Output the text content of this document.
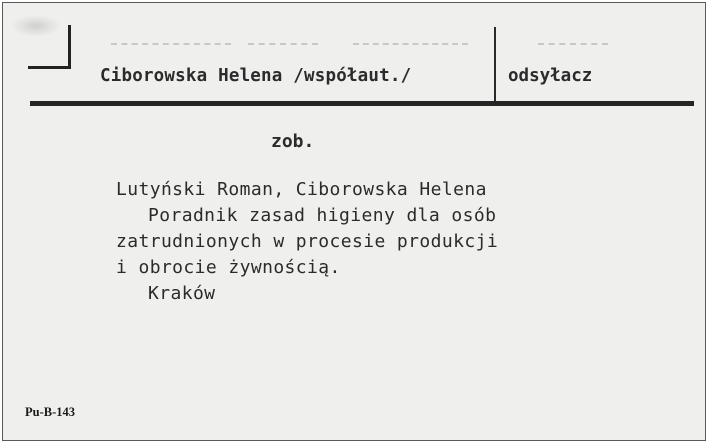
Ciborowska Helena /współaut./	odsyłacz
zob.
Lutyński Roman, Ciborowska Helena
Poradnik zasad higieny dla osób
zatrudnionych w procesie produkcji
i obrocie żywnością.
Kraków
Pu-B-143
